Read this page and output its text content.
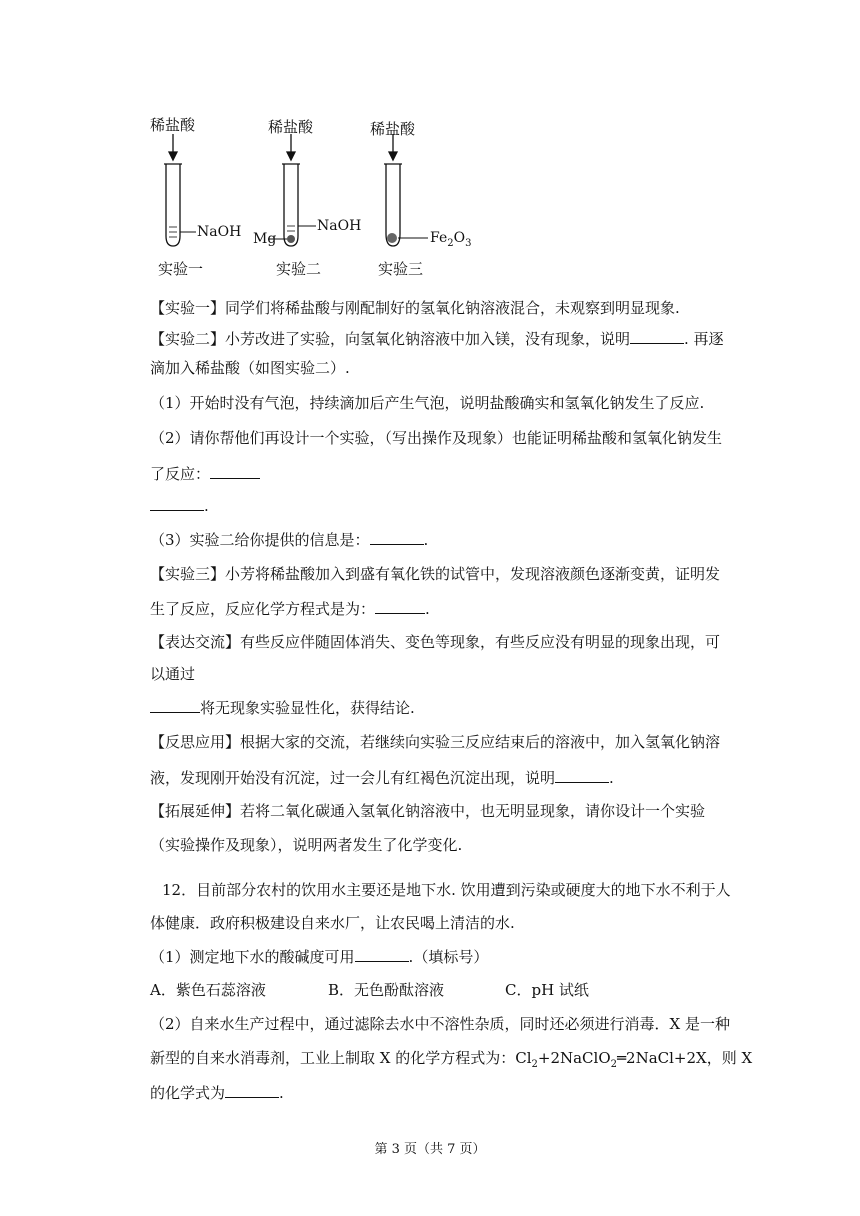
稀盐酸	稀盐酸	稀盐酸
NaOH Mg
NaOH
$Fe_2O_3$
实验一	实验二	实验三
【实验一】同学们将稀盐酸与刚配制好的氢氧化钠溶液混合，未观察到明显现象.
【实验二】小芳改进了实验，向氢氧化钠溶液中加入镁，没有现象，说明	. 再逐
滴加入稀盐酸（如图实验二）.
（1）开始时没有气泡，持续滴加后产生气泡，说明盐酸确实和氢氧化钠发生了反应.
（2）请你帮他们再设计一个实验，（写出操作及现象）也能证明稀盐酸和氢氧化钠发生
了反应：
.
（3）实验二给你提供的信息是：	.
【实验三】小芳将稀盐酸加入到盛有氧化铁的试管中，发现溶液颜色逐渐变黄，证明发
生了反应，反应化学方程式是为：	.
【表达交流】有些反应伴随固体消失、变色等现象，有些反应没有明显的现象出现，可
以通过
将无现象实验显性化，获得结论.
【反思应用】根据大家的交流，若继续向实验三反应结束后的溶液中，加入氢氧化钠溶
液，发现刚开始没有沉淀，过一会儿有红褐色沉淀出现，说明	.
【拓展延伸】若将二氧化碳通入氢氧化钠溶液中，也无明显现象，请你设计一个实验
（实验操作及现象），说明两者发生了化学变化.
12．目前部分农村的饮用水主要还是地下水. 饮用遭到污染或硬度大的地下水不利于人
体健康．政府积极建设自来水厂，让农民喝上清洁的水.
（1）测定地下水的酸碱度可用	.（填标号）
A．紫色石蕊溶液	B．无色酚酞溶液	C．pH 试纸
（2）自来水生产过程中，通过滤除去水中不溶性杂质，同时还必须进行消毒．X 是一种
新型的自来水消毒剂，工业上制取 X 的化学方程式为：$Cl_2+2NaClO_2═2NaCl+2X$，则 X
的化学式为	.
第 3 页（共 7 页）
